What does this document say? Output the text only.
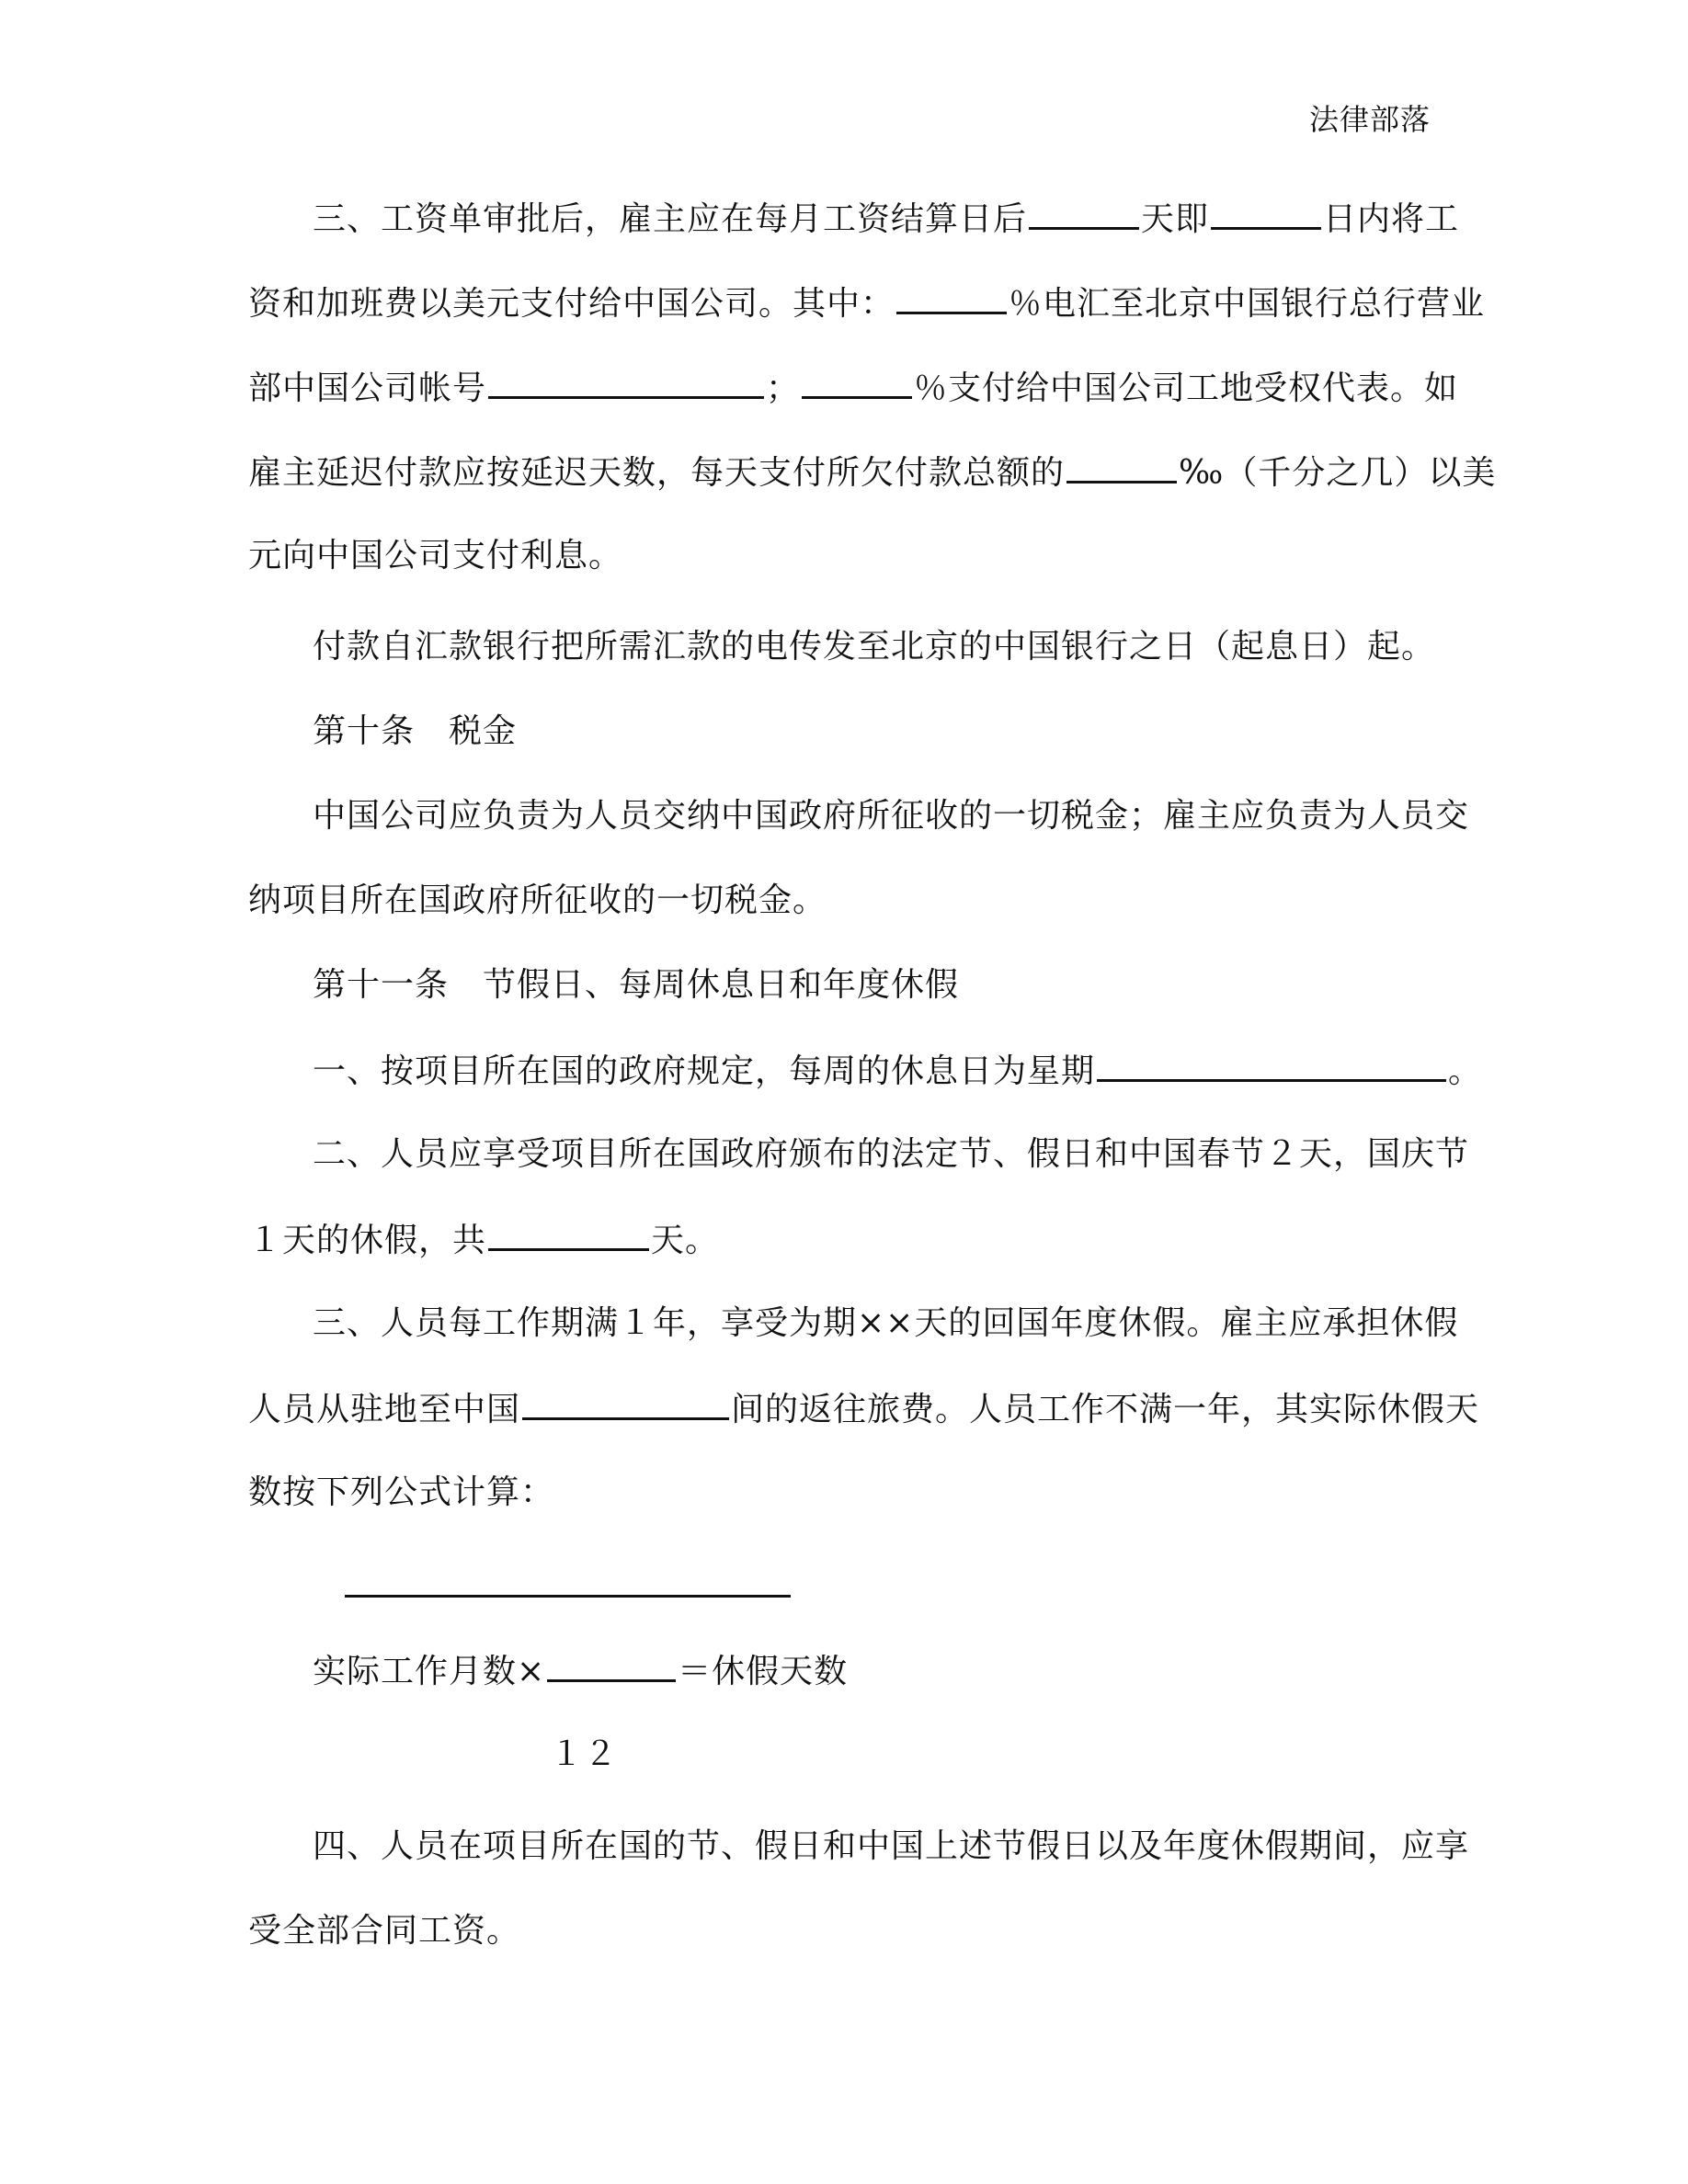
法律部落
三、工资单审批后，雇主应在每月工资结算日后	天即	日内将工
资和加班费以美元支付给中国公司。其中：	％电汇至北京中国银行总行营业
部中国公司帐号	；	％支付给中国公司工地受权代表。如
雇主延迟付款应按延迟天数，每天支付所欠付款总额的	‰（千分之几）以美
元向中国公司支付利息。
付款自汇款银行把所需汇款的电传发至北京的中国银行之日（起息日）起。
第十条　税金
中国公司应负责为人员交纳中国政府所征收的一切税金；雇主应负责为人员交
纳项目所在国政府所征收的一切税金。
第十一条　节假日、每周休息日和年度休假
一、按项目所在国的政府规定，每周的休息日为星期	。
二、人员应享受项目所在国政府颁布的法定节、假日和中国春节２天，国庆节
１天的休假，共	天。
三、人员每工作期满１年，享受为期××天的回国年度休假。雇主应承担休假
人员从驻地至中国	间的返往旅费。人员工作不满一年，其实际休假天
数按下列公式计算：
实际工作月数×	＝休假天数
１２
四、人员在项目所在国的节、假日和中国上述节假日以及年度休假期间，应享
受全部合同工资。
